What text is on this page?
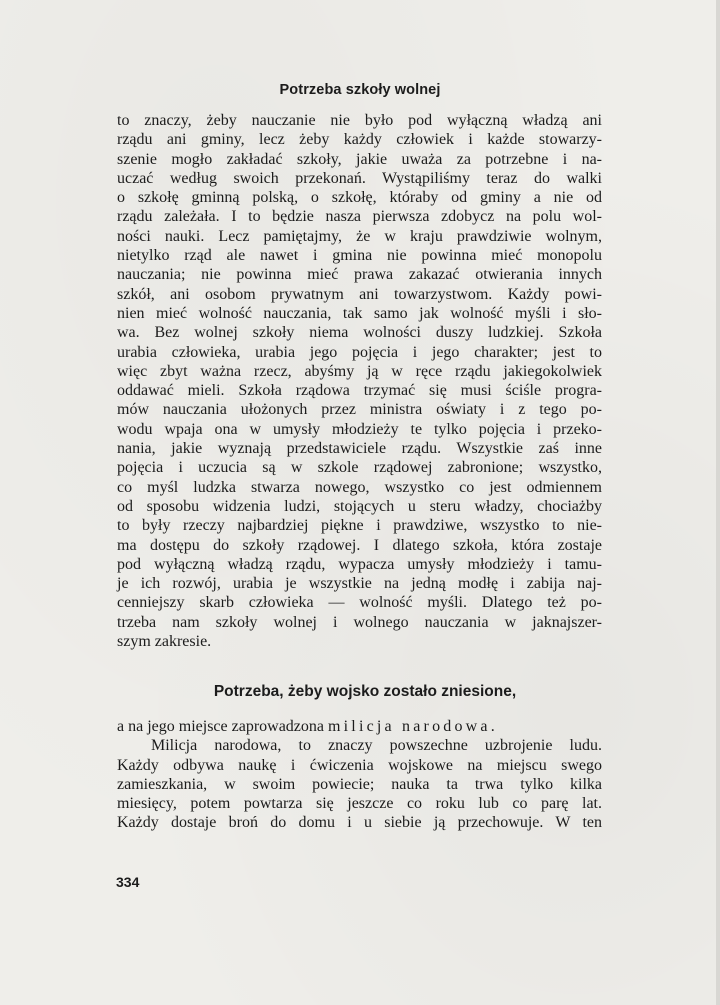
Potrzeba szkoły wolnej
to znaczy, żeby nauczanie nie było pod wyłączną władzą ani
rządu ani gminy, lecz żeby każdy człowiek i każde stowarzy-
szenie mogło zakładać szkoły, jakie uważa za potrzebne i na-
uczać według swoich przekonań. Wystąpiliśmy teraz do walki
o szkołę gminną polską, o szkołę, któraby od gminy a nie od
rządu zależała. I to będzie nasza pierwsza zdobycz na polu wol-
ności nauki. Lecz pamiętajmy, że w kraju prawdziwie wolnym,
nietylko rząd ale nawet i gmina nie powinna mieć monopolu
nauczania; nie powinna mieć prawa zakazać otwierania innych
szkół, ani osobom prywatnym ani towarzystwom. Każdy powi-
nien mieć wolność nauczania, tak samo jak wolność myśli i sło-
wa. Bez wolnej szkoły niema wolności duszy ludzkiej. Szkoła
urabia człowieka, urabia jego pojęcia i jego charakter; jest to
więc zbyt ważna rzecz, abyśmy ją w ręce rządu jakiegokolwiek
oddawać mieli. Szkoła rządowa trzymać się musi ściśle progra-
mów nauczania ułożonych przez ministra oświaty i z tego po-
wodu wpaja ona w umysły młodzieży te tylko pojęcia i przeko-
nania, jakie wyznają przedstawiciele rządu. Wszystkie zaś inne
pojęcia i uczucia są w szkole rządowej zabronione; wszystko,
co myśl ludzka stwarza nowego, wszystko co jest odmiennem
od sposobu widzenia ludzi, stojących u steru władzy, chociażby
to były rzeczy najbardziej piękne i prawdziwe, wszystko to nie-
ma dostępu do szkoły rządowej. I dlatego szkoła, która zostaje
pod wyłączną władzą rządu, wypacza umysły młodzieży i tamu-
je ich rozwój, urabia je wszystkie na jedną modłę i zabija naj-
cenniejszy skarb człowieka — wolność myśli. Dlatego też po-
trzeba nam szkoły wolnej i wolnego nauczania w jaknajszer-
szym zakresie.
Potrzeba, żeby wojsko zostało zniesione,
a na jego miejsce zaprowadzona milicja narodowa.
Milicja narodowa, to znaczy powszechne uzbrojenie ludu.
Każdy odbywa naukę i ćwiczenia wojskowe na miejscu swego
zamieszkania, w swoim powiecie; nauka ta trwa tylko kilka
miesięcy, potem powtarza się jeszcze co roku lub co parę lat.
Każdy dostaje broń do domu i u siebie ją przechowuje. W ten
334
